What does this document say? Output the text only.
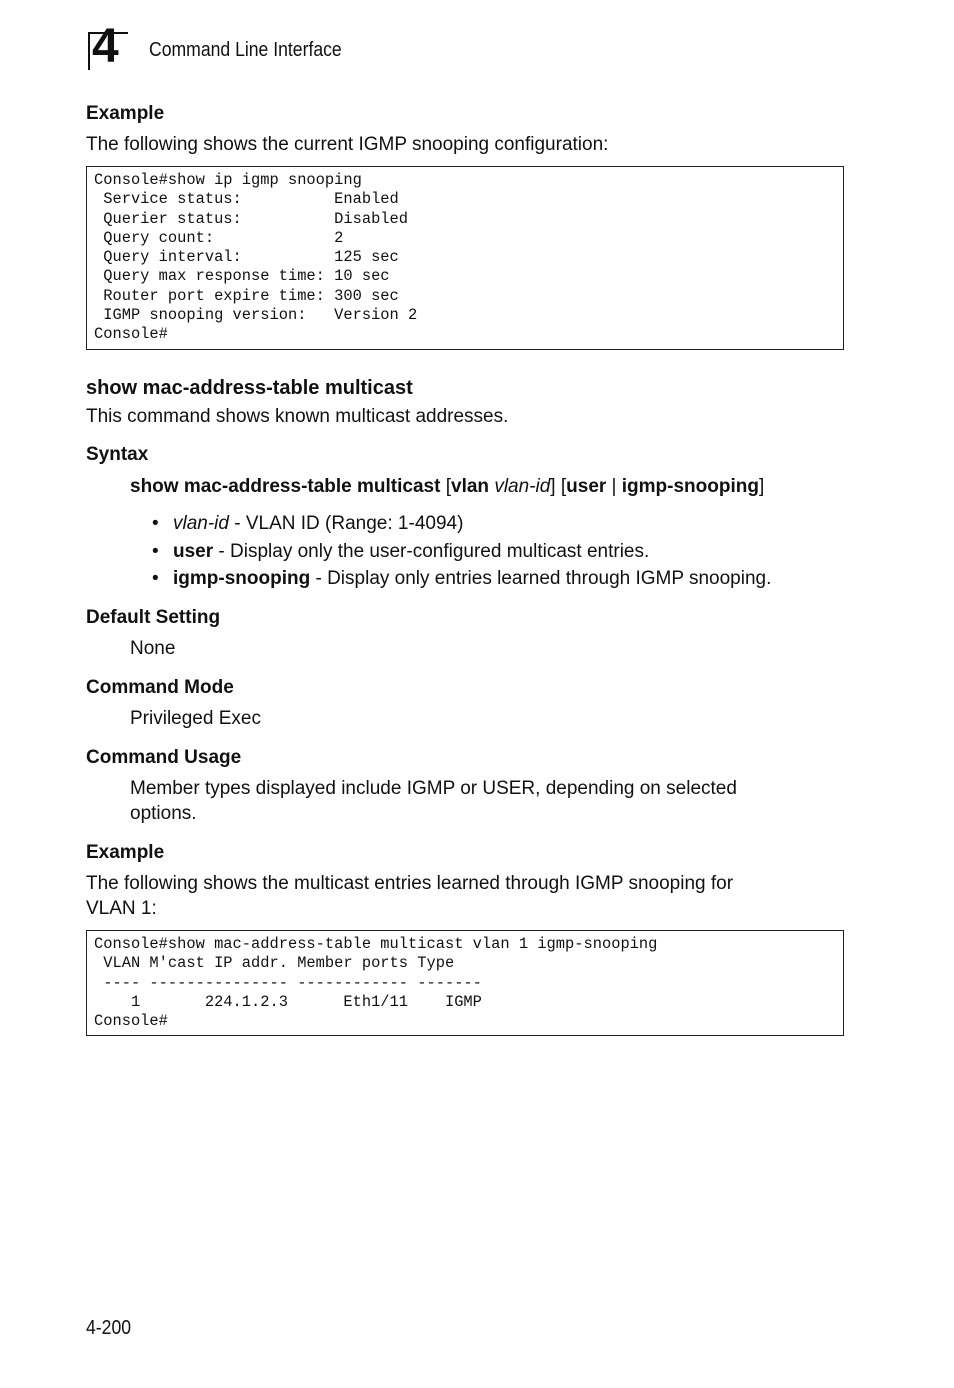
4 Command Line Interface
Example
The following shows the current IGMP snooping configuration:
Console#show ip igmp snooping
Service status:          Enabled
Querier status:          Disabled
Query count:             2
Query interval:          125 sec
Query max response time: 10 sec
Router port expire time: 300 sec
IGMP snooping version:   Version 2
Console#
show mac-address-table multicast
This command shows known multicast addresses.
Syntax
show mac-address-table multicast [vlan vlan-id] [user | igmp-snooping]
• vlan-id - VLAN ID (Range: 1-4094)
• user - Display only the user-configured multicast entries.
• igmp-snooping - Display only entries learned through IGMP snooping.
Default Setting
None
Command Mode
Privileged Exec
Command Usage
Member types displayed include IGMP or USER, depending on selected
options.
Example
The following shows the multicast entries learned through IGMP snooping for
VLAN 1:
Console#show mac-address-table multicast vlan 1 igmp-snooping
VLAN M'cast IP addr. Member ports Type
---- --------------- ------------ -------
1       224.1.2.3      Eth1/11    IGMP
Console#
4-200
